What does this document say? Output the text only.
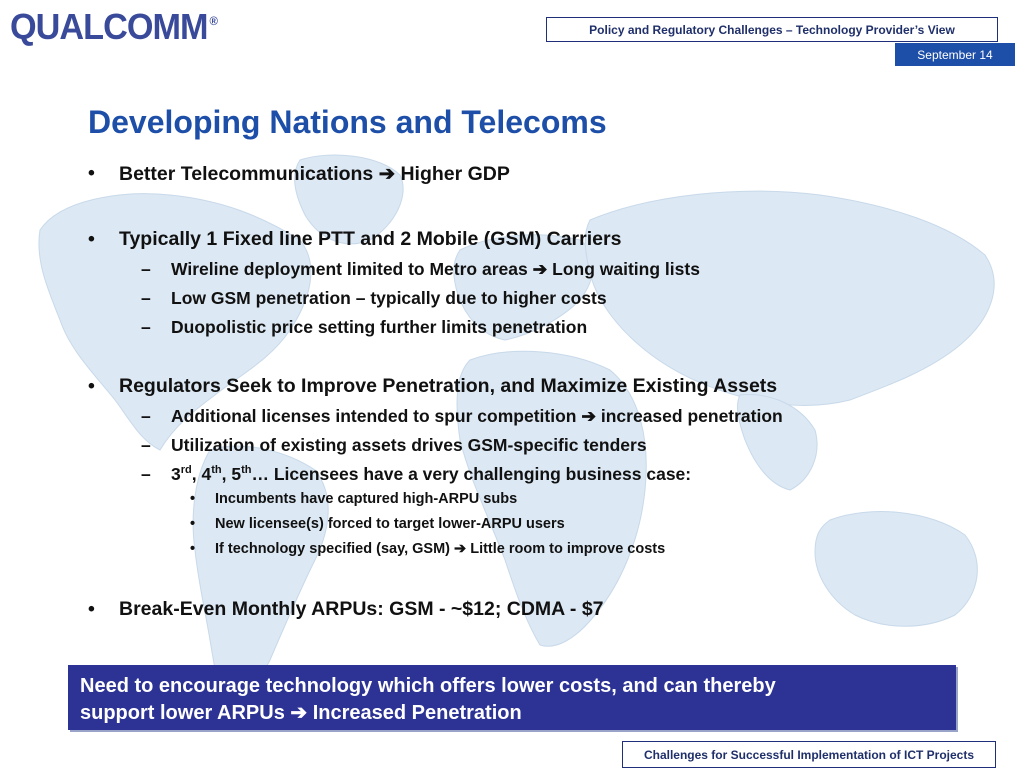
QUALCOMM ®
Policy and Regulatory Challenges – Technology Provider’s View
September 14
Developing Nations and Telecoms
• Better Telecommunications ➔ Higher GDP
• Typically 1 Fixed line PTT and 2 Mobile (GSM) Carriers
– Wireline deployment limited to Metro areas ➔ Long waiting lists
– Low GSM penetration – typically due to higher costs
– Duopolistic price setting further limits penetration
• Regulators Seek to Improve Penetration, and Maximize Existing Assets
– Additional licenses intended to spur competition ➔ increased penetration
– Utilization of existing assets drives GSM-specific tenders
– 3rd, 4th, 5th… Licensees have a very challenging business case:
• Incumbents have captured high-ARPU subs
• New licensee(s) forced to target lower-ARPU users
• If technology specified (say, GSM) ➔ Little room to improve costs
• Break-Even Monthly ARPUs: GSM - ~$12; CDMA - $7
Need to encourage technology which offers lower costs, and can thereby
support lower ARPUs ➔ Increased Penetration
Challenges for Successful Implementation of ICT Projects
